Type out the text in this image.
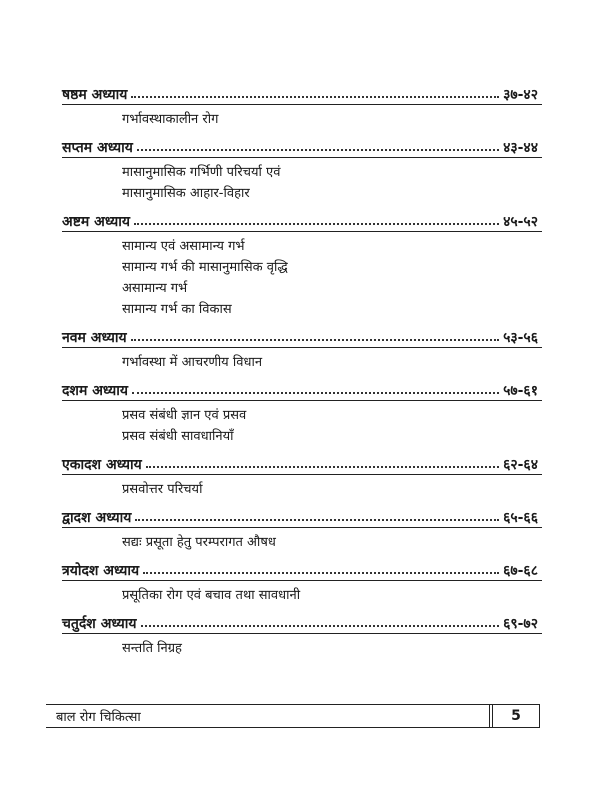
षष्ठम अध्याय	३७-४२
गर्भावस्थाकालीन रोग
सप्तम अध्याय	४३-४४
मासानुमासिक गर्भिणी परिचर्या एवं
मासानुमासिक आहार-विहार
अष्टम अध्याय	४५-५२
सामान्य एवं असामान्य गर्भ
सामान्य गर्भ की मासानुमासिक वृद्धि
असामान्य गर्भ
सामान्य गर्भ का विकास
नवम अध्याय	५३-५६
गर्भावस्था में आचरणीय विधान
दशम अध्याय	५७-६१
प्रसव संबंधी ज्ञान एवं प्रसव
प्रसव संबंधी सावधानियाँ
एकादश अध्याय	६२-६४
प्रसवोत्तर परिचर्या
द्वादश अध्याय	६५-६६
सद्यः प्रसूता हेतु परम्परागत औषध
त्रयोदश अध्याय	६७-६८
प्रसूतिका रोग एवं बचाव तथा सावधानी
चतुर्दश अध्याय	६९-७२
सन्तति निग्रह
बाल रोग चिकित्सा	5
